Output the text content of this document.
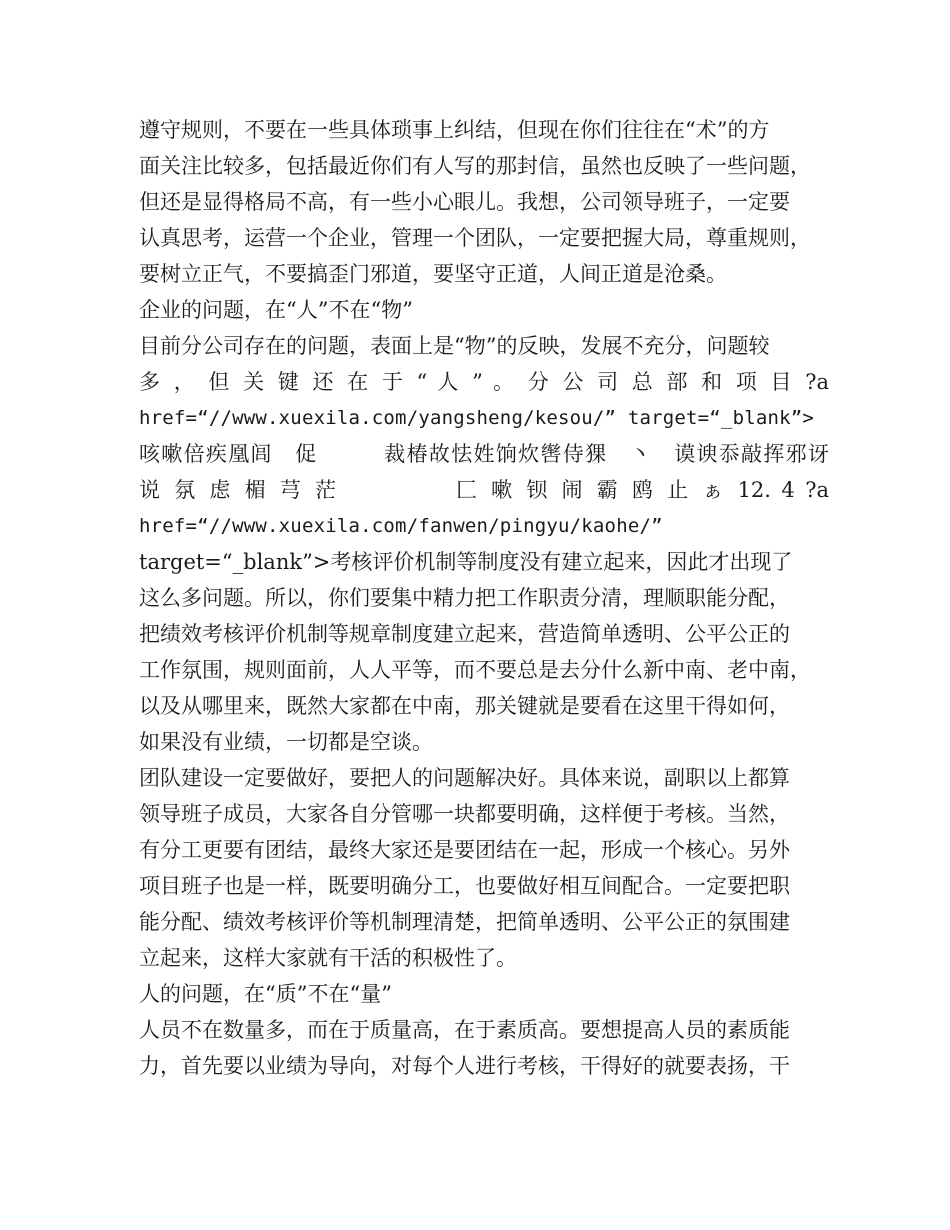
遵守规则，不要在一些具体琐事上纠结，但现在你们往往在“术”的方
面关注比较多，包括最近你们有人写的那封信，虽然也反映了一些问题，
但还是显得格局不高，有一些小心眼儿。我想，公司领导班子，一定要
认真思考，运营一个企业，管理一个团队，一定要把握大局，尊重规则，
要树立正气，不要搞歪门邪道，要坚守正道，人间正道是沧桑。
企业的问题，在“人”不在“物”
目前分公司存在的问题，表面上是“物”的反映，发展不充分，问题较
多 ， 但 关 键 还 在 于 “ 人 ” 。 分 公 司 总 部 和 项 目 ?a
href=“//www.xuexila.com/yangsheng/kesou/” target=“_blank”>
咳嗽倍疾凰闾　促　　　裁椿故怯姓饷炊辔侍猓　丶　谟谀忝敲挥邪讶
说 氛 虑 楣 芎 茫 　 　 　 匚 嗽 钡 闹 霸 鸥 止 ぁ 12. 4 ?a
href=“//www.xuexila.com/fanwen/pingyu/kaohe/”
target=“_blank”>考核评价机制等制度没有建立起来，因此才出现了
这么多问题。所以，你们要集中精力把工作职责分清，理顺职能分配，
把绩效考核评价机制等规章制度建立起来，营造简单透明、公平公正的
工作氛围，规则面前，人人平等，而不要总是去分什么新中南、老中南，
以及从哪里来，既然大家都在中南，那关键就是要看在这里干得如何，
如果没有业绩，一切都是空谈。
团队建设一定要做好，要把人的问题解决好。具体来说，副职以上都算
领导班子成员，大家各自分管哪一块都要明确，这样便于考核。当然，
有分工更要有团结，最终大家还是要团结在一起，形成一个核心。另外
项目班子也是一样，既要明确分工，也要做好相互间配合。一定要把职
能分配、绩效考核评价等机制理清楚，把简单透明、公平公正的氛围建
立起来，这样大家就有干活的积极性了。
人的问题，在“质”不在“量”
人员不在数量多，而在于质量高，在于素质高。要想提高人员的素质能
力，首先要以业绩为导向，对每个人进行考核，干得好的就要表扬，干
